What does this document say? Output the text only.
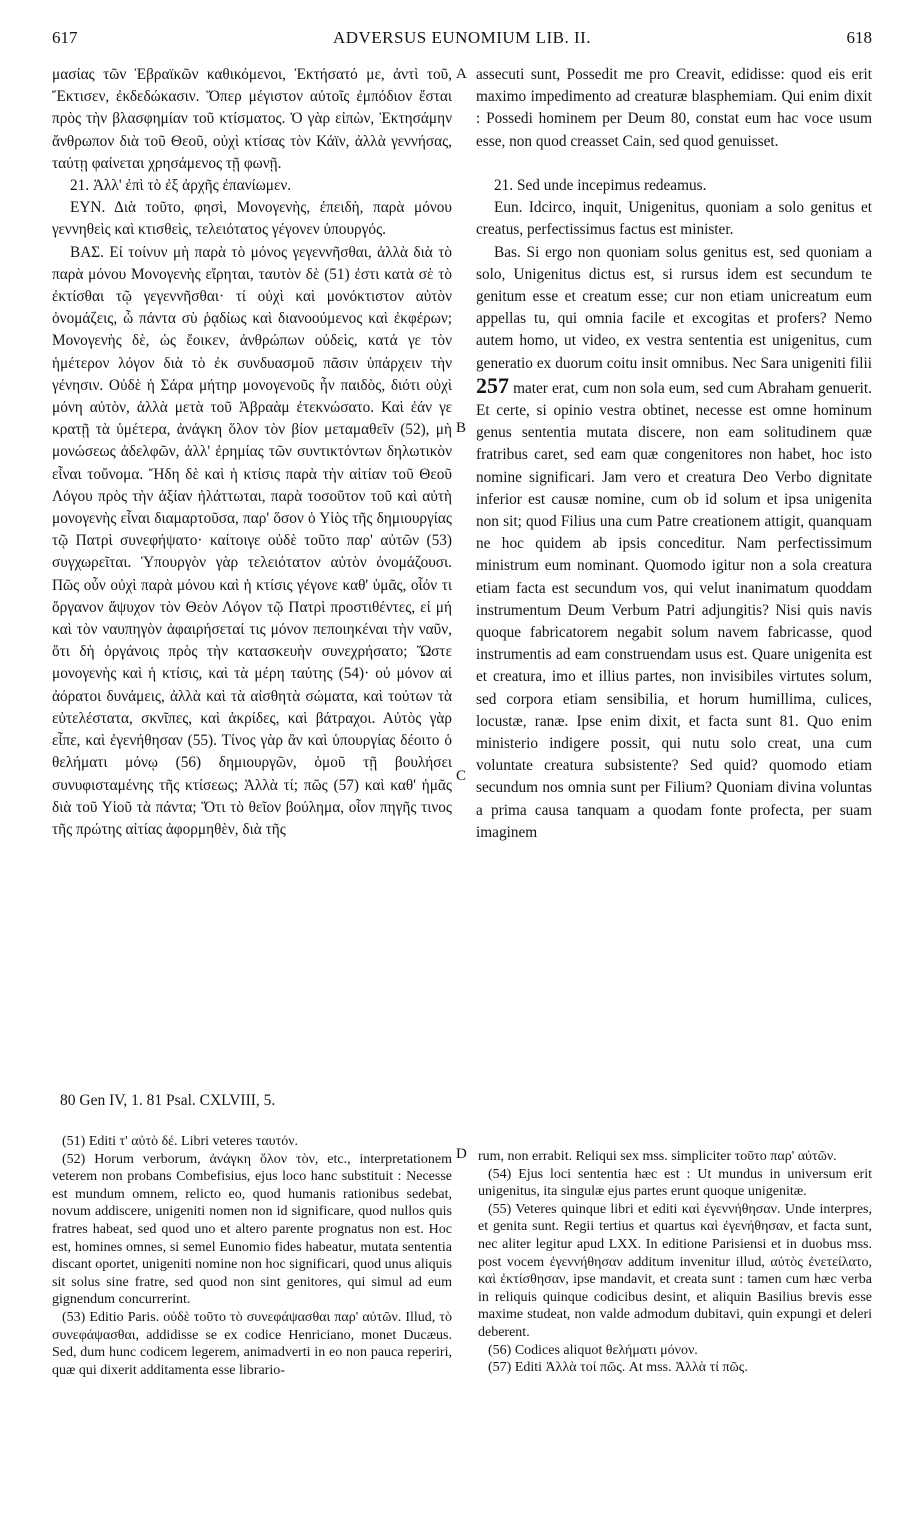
617	ADVERSUS EUNOMIUM LIB. II.	618

μασίας τῶν Ἑβραϊκῶν καθικόμενοι, Ἐκτήσατό με, ἀντὶ τοῦ, Ἔκτισεν, ἐκδεδώκασιν. Ὅπερ μέγιστον αὐτοῖς ἐμπόδιον ἔσται πρὸς τὴν βλασφημίαν τοῦ κτίσματος. Ὁ γὰρ εἰπὼν, Ἐκτησάμην ἄνθρωπον διὰ τοῦ Θεοῦ, οὐχὶ κτίσας τὸν Κάϊν, ἀλλὰ γεννήσας, ταύτῃ φαίνεται χρησάμενος τῇ φωνῇ.

21. Ἀλλ' ἐπὶ τὸ ἐξ ἀρχῆς ἐπανίωμεν.

ΕΥΝ. Διὰ τοῦτο, φησὶ, Μονογενὴς, ἐπειδὴ, παρὰ μόνου γεννηθεὶς καὶ κτισθεὶς, τελειότατος γέγονεν ὑπουργός.

ΒΑΣ. Εἰ τοίνυν μὴ παρὰ τὸ μόνος γεγεννῆσθαι, ἀλλὰ διὰ τὸ παρὰ μόνου Μονογενὴς εἴρηται, ταυτὸν δὲ (51) ἐστι κατὰ σὲ τὸ ἐκτίσθαι τῷ γεγεννῆσθαι· τί οὐχὶ καὶ μονόκτιστον αὐτὸν ὀνομάζεις, ὦ πάντα σὺ ῥᾳδίως καὶ διανοούμενος καὶ ἐκφέρων; Μονογενὴς δὲ, ὡς ἔοικεν, ἀνθρώπων οὐδεὶς, κατά γε τὸν ἡμέτερον λόγον διὰ τὸ ἐκ συνδυασμοῦ πᾶσιν ὑπάρχειν τὴν γένησιν. Οὐδὲ ἡ Σάρα μήτηρ μονογενοῦς ἦν παιδὸς, διότι οὐχὶ μόνη αὐτὸν, ἀλλὰ μετὰ τοῦ Ἀβραὰμ ἐτεκνώσατο. Καὶ ἐάν γε κρατῇ τὰ ὑμέτερα, ἀνάγκη ὅλον τὸν βίον μεταμαθεῖν (52), μὴ μονώσεως ἀδελφῶν, ἀλλ' ἐρημίας τῶν συντικτόντων δηλωτικὸν εἶναι τοὔνομα. Ἤδη δὲ καὶ ἡ κτίσις παρὰ τὴν αἰτίαν τοῦ Θεοῦ Λόγου πρὸς τὴν ἀξίαν ἠλάττωται, παρὰ τοσοῦτον τοῦ καὶ αὐτὴ μονογενὴς εἶναι διαμαρτοῦσα, παρ' ὅσον ὁ Υἱὸς τῆς δημιουργίας τῷ Πατρὶ συνεφήψατο· καίτοιγε οὐδὲ τοῦτο παρ' αὐτῶν (53) συγχωρεῖται. Ὑπουργὸν γὰρ τελειότατον αὐτὸν ὀνομάζουσι. Πῶς οὖν οὐχὶ παρὰ μόνου καὶ ἡ κτίσις γέγονε καθ' ὑμᾶς, οἷόν τι ὄργανον ἄψυχον τὸν Θεὸν Λόγον τῷ Πατρὶ προστιθέντες, εἰ μή καὶ τὸν ναυπηγὸν ἀφαιρήσεταί τις μόνον πεποιηκέναι τὴν ναῦν, ὅτι δὴ ὀργάνοις πρὸς τὴν κατασκευὴν συνεχρήσατο; Ὥστε μονογενὴς καὶ ἡ κτίσις, καὶ τὰ μέρη ταύτης (54)· οὐ μόνον αἱ ἀόρατοι δυνάμεις, ἀλλὰ καὶ τὰ αἰσθητὰ σώματα, καὶ τούτων τὰ εὐτελέστατα, σκνῖπες, καὶ ἀκρίδες, καὶ βάτραχοι. Αὐτὸς γὰρ εἶπε, καὶ ἐγενήθησαν (55). Τίνος γὰρ ἂν καὶ ὑπουργίας δέοιτο ὁ θελήματι μόνῳ (56) δημιουργῶν, ὁμοῦ τῇ βουλήσει συνυφισταμένης τῆς κτίσεως; Ἀλλὰ τί; πῶς (57) καὶ καθ' ἡμᾶς διὰ τοῦ Υἱοῦ τὰ πάντα; Ὅτι τὸ θεῖον βούλημα, οἷον πηγῆς τινος τῆς πρώτης αἰτίας ἀφορμηθὲν, διὰ τῆς

assecuti sunt, Possedit me pro Creavit, edidisse: quod eis erit maximo impedimento ad creaturæ blasphemiam. Qui enim dixit : Possedi hominem per Deum 80, constat eum hac voce usum esse, non quod creasset Cain, sed quod genuisset.

21. Sed unde incepimus redeamus.

Eun. Idcirco, inquit, Unigenitus, quoniam a solo genitus et creatus, perfectissimus factus est minister.

Bas. Si ergo non quoniam solus genitus est, sed quoniam a solo, Unigenitus dictus est, si rursus idem est secundum te genitum esse et creatum esse; cur non etiam unicreatum eum appellas tu, qui omnia facile et excogitas et profers? Nemo autem homo, ut video, ex vestra sententia est unigenitus, cum generatio ex duorum coitu insit omnibus. Nec Sara unigeniti filii 257 mater erat, cum non sola eum, sed cum Abraham genuerit. Et certe, si opinio vestra obtinet, necesse est omne hominum genus sententia mutata discere, non eam solitudinem quæ fratribus caret, sed eam quæ congenitores non habet, hoc isto nomine significari. Jam vero et creatura Deo Verbo dignitate inferior est causæ nomine, cum ob id solum et ipsa unigenita non sit; quod Filius una cum Patre creationem attigit, quanquam ne hoc quidem ab ipsis conceditur. Nam perfectissimum ministrum eum nominant. Quomodo igitur non a sola creatura etiam facta est secundum vos, qui velut inanimatum quoddam instrumentum Deum Verbum Patri adjungitis? Nisi quis navis quoque fabricatorem negabit solum navem fabricasse, quod instrumentis ad eam construendam usus est. Quare unigenita est et creatura, imo et illius partes, non invisibiles virtutes solum, sed corpora etiam sensibilia, et horum humillima, culices, locustæ, ranæ. Ipse enim dixit, et facta sunt 81. Quo enim ministerio indigere possit, qui nutu solo creat, una cum voluntate creatura subsistente? Sed quid? quomodo etiam secundum nos omnia sunt per Filium? Quoniam divina voluntas a prima causa tanquam a quodam fonte profecta, per suam imaginem

A
B
C
D
80 Gen IV, 1. 81 Psal. CXLVIII, 5.

(51) Editi τ' αὐτὸ δέ. Libri veteres ταυτόν.

(52) Horum verborum, ἀνάγκη ὅλον τὸν, etc., interpretationem veterem non probans Combefisius, ejus loco hanc substituit : Necesse est mundum omnem, relicto eo, quod humanis rationibus sedebat, novum addiscere, unigeniti nomen non id significare, quod nullos quis fratres habeat, sed quod uno et altero parente prognatus non est. Hoc est, homines omnes, si semel Eunomio fides habeatur, mutata sententia discant oportet, unigeniti nomine non hoc significari, quod unus aliquis sit solus sine fratre, sed quod non sint genitores, qui simul ad eum gignendum concurrerint.

(53) Editio Paris. οὐδὲ τοῦτο τὸ συνεφάψασθαι παρ' αὐτῶν. Illud, τὸ συνεφάψασθαι, addidisse se ex codice Henriciano, monet Ducæus. Sed, dum hunc codicem legerem, animadverti in eo non pauca reperiri, quæ qui dixerit additamenta esse librario-

rum, non errabit. Reliqui sex mss. simpliciter τοῦτο παρ' αὐτῶν.

(54) Ejus loci sententia hæc est : Ut mundus in universum erit unigenitus, ita singulæ ejus partes erunt quoque unigenitæ.

(55) Veteres quinque libri et editi καὶ ἐγεννήθησαν. Unde interpres, et genita sunt. Regii tertius et quartus καὶ ἐγενήθησαν, et facta sunt, nec aliter legitur apud LXX. In editione Parisiensi et in duobus mss. post vocem ἐγεννήθησαν additum invenitur illud, αὐτὸς ἐνετείλατο, καὶ ἐκτίσθησαν, ipse mandavit, et creata sunt : tamen cum hæc verba in reliquis quinque codicibus desint, et aliquin Basilius brevis esse maxime studeat, non valde admodum dubitavi, quin expungi et deleri deberent.

(56) Codices aliquot θελήματι μόνον.

(57) Editi Ἀλλὰ τοί πῶς. At mss. Ἀλλὰ τί πῶς.
